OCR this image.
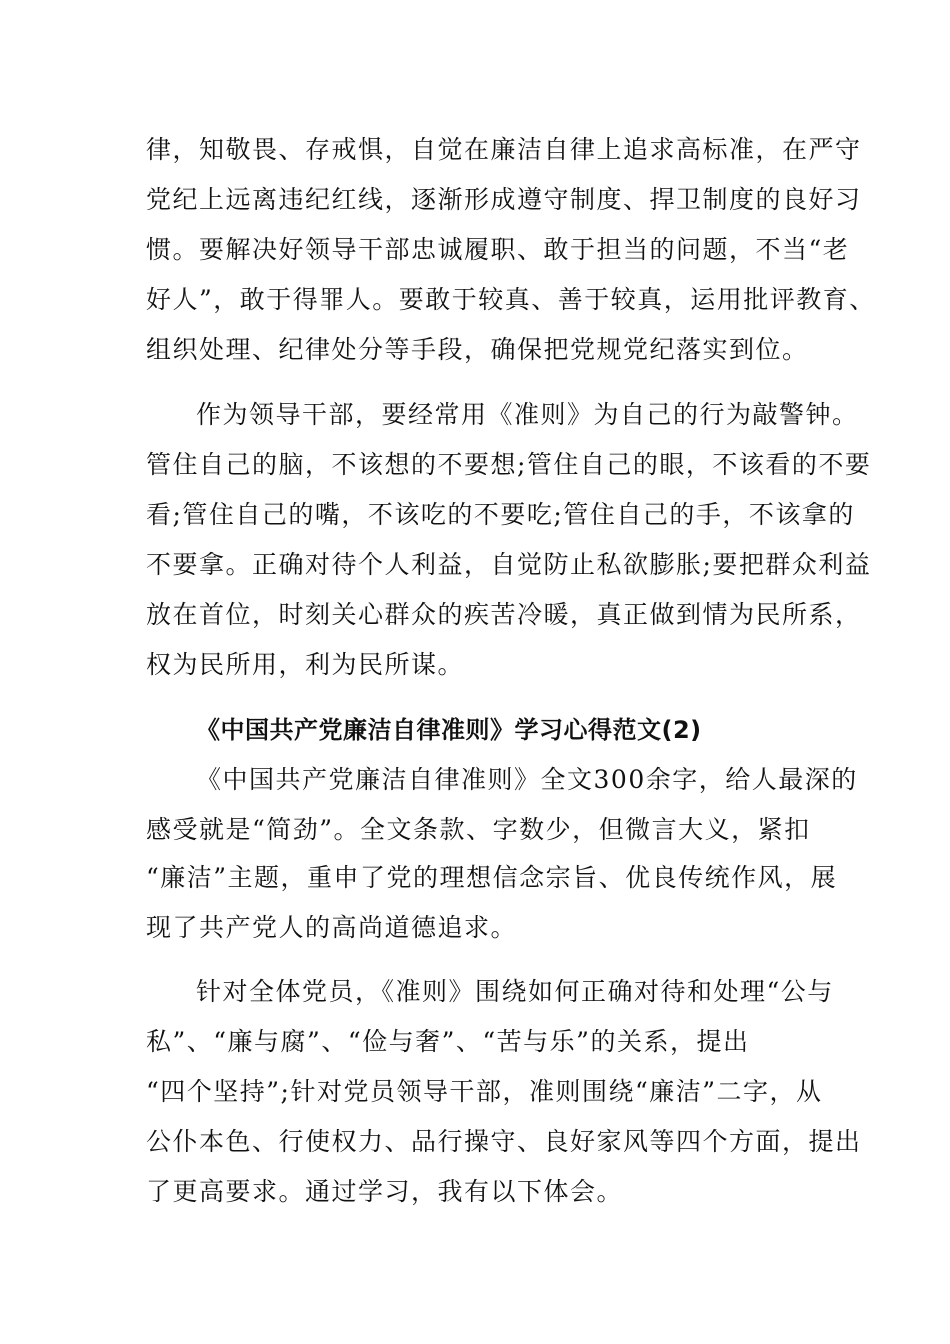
律，知敬畏、存戒惧，自觉在廉洁自律上追求高标准，在严守
党纪上远离违纪红线，逐渐形成遵守制度、捍卫制度的良好习
惯。要解决好领导干部忠诚履职、敢于担当的问题，不当“老
好人”，敢于得罪人。要敢于较真、善于较真，运用批评教育、
组织处理、纪律处分等手段，确保把党规党纪落实到位。
作为领导干部，要经常用《准则》为自己的行为敲警钟。
管住自己的脑，不该想的不要想;管住自己的眼，不该看的不要
看;管住自己的嘴，不该吃的不要吃;管住自己的手，不该拿的
不要拿。正确对待个人利益，自觉防止私欲膨胀;要把群众利益
放在首位，时刻关心群众的疾苦冷暖，真正做到情为民所系，
权为民所用，利为民所谋。
《中国共产党廉洁自律准则》学习心得范文(2)
《中国共产党廉洁自律准则》全文300余字，给人最深的
感受就是“简劲”。全文条款、字数少，但微言大义，紧扣
“廉洁”主题，重申了党的理想信念宗旨、优良传统作风，展
现了共产党人的高尚道德追求。
针对全体党员，《准则》围绕如何正确对待和处理“公与
私”、“廉与腐”、“俭与奢”、“苦与乐”的关系，提出
“四个坚持”;针对党员领导干部，准则围绕“廉洁”二字，从
公仆本色、行使权力、品行操守、良好家风等四个方面，提出
了更高要求。通过学习，我有以下体会。
